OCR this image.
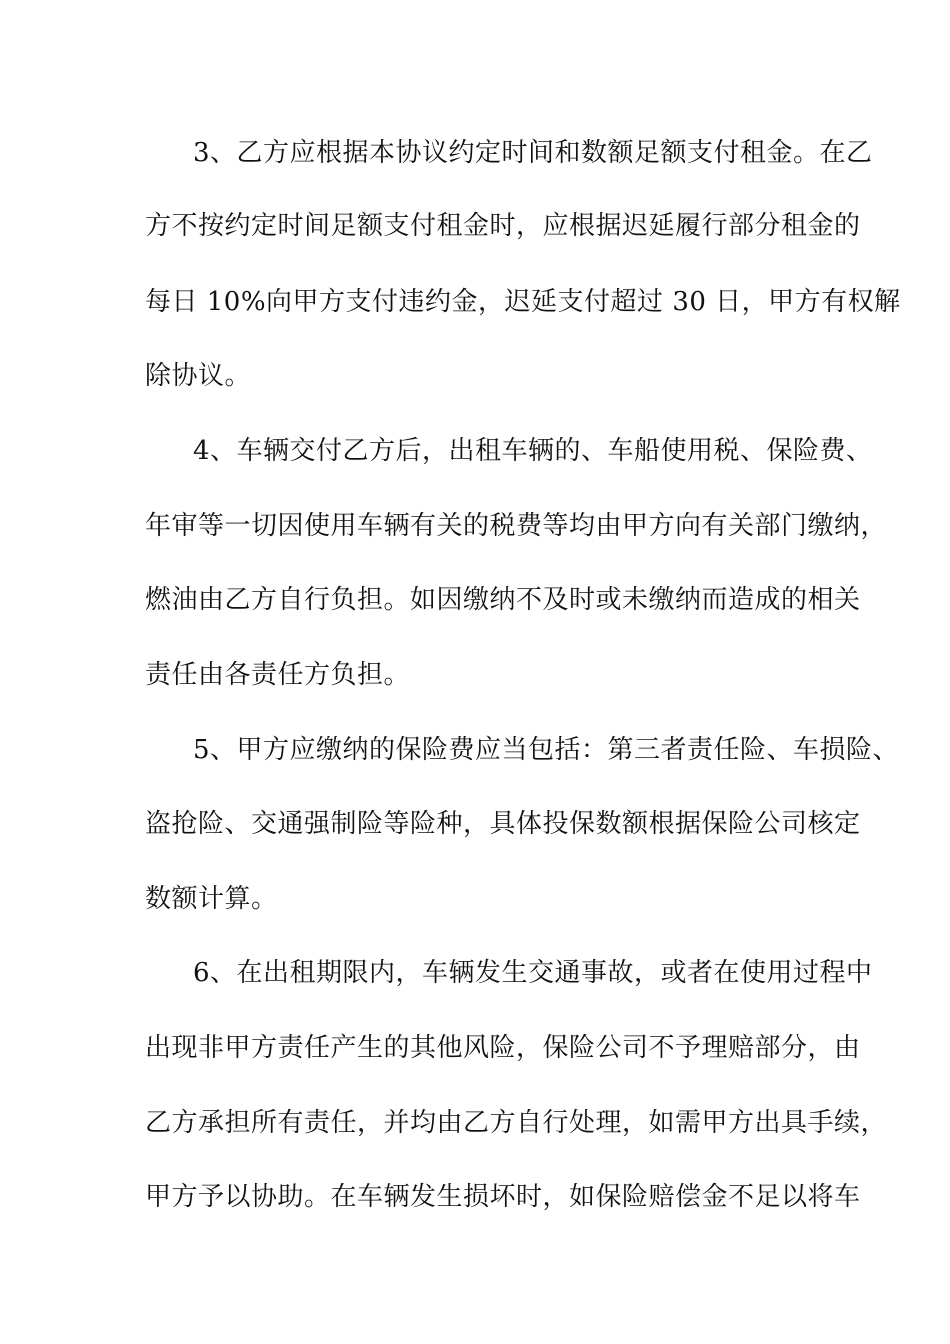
3、乙方应根据本协议约定时间和数额足额支付租金。在乙
方不按约定时间足额支付租金时，应根据迟延履行部分租金的
每日 10%向甲方支付违约金，迟延支付超过 30 日，甲方有权解
除协议。
4、车辆交付乙方后，出租车辆的、车船使用税、保险费、
年审等一切因使用车辆有关的税费等均由甲方向有关部门缴纳，
燃油由乙方自行负担。如因缴纳不及时或未缴纳而造成的相关
责任由各责任方负担。
5、甲方应缴纳的保险费应当包括：第三者责任险、车损险、
盗抢险、交通强制险等险种，具体投保数额根据保险公司核定
数额计算。
6、在出租期限内，车辆发生交通事故，或者在使用过程中
出现非甲方责任产生的其他风险，保险公司不予理赔部分，由
乙方承担所有责任，并均由乙方自行处理，如需甲方出具手续，
甲方予以协助。在车辆发生损坏时，如保险赔偿金不足以将车
